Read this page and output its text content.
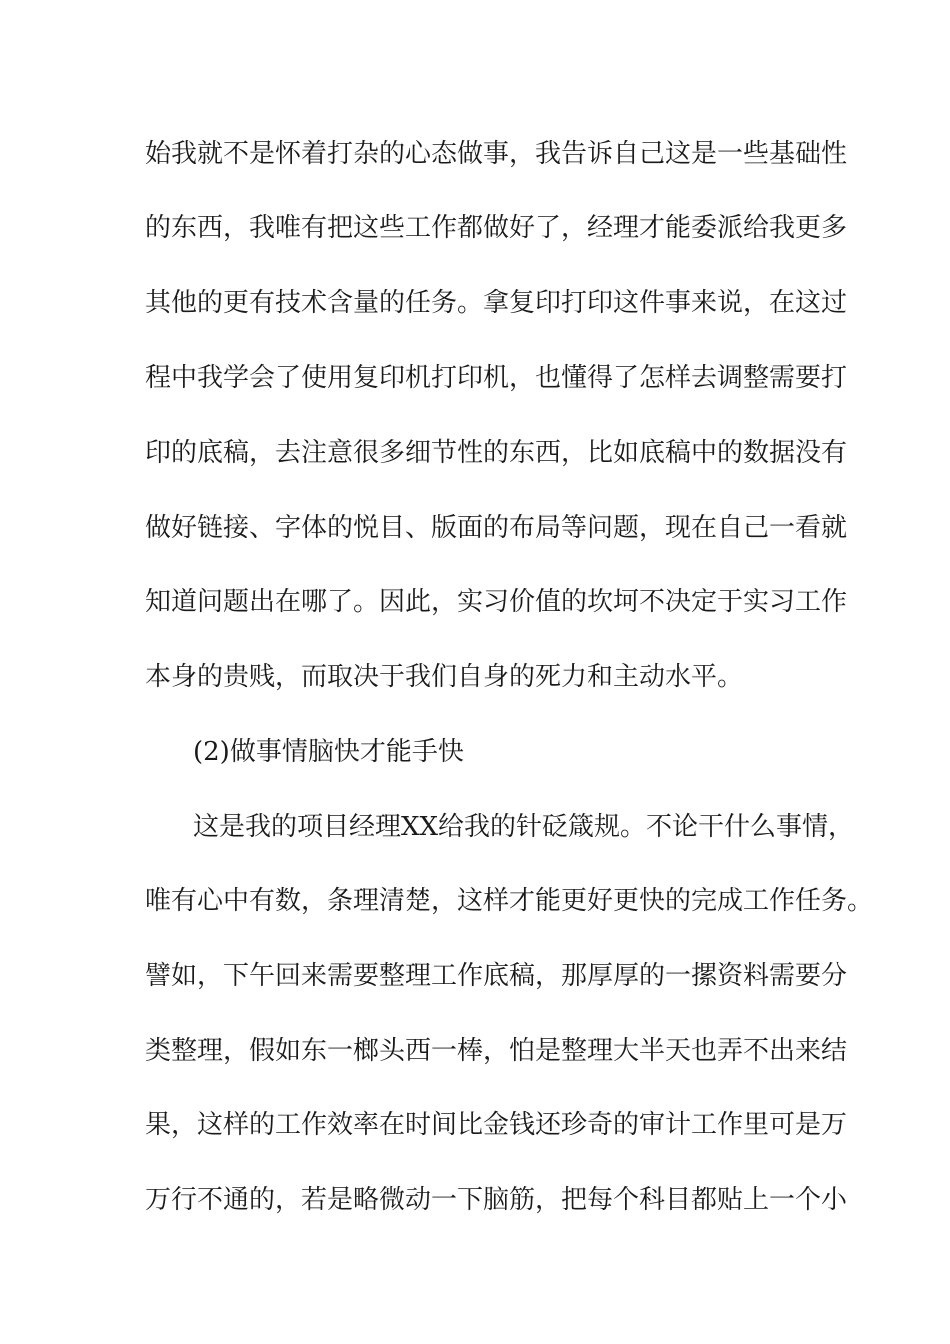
始我就不是怀着打杂的心态做事，我告诉自己这是一些基础性

的东西，我唯有把这些工作都做好了，经理才能委派给我更多

其他的更有技术含量的任务。拿复印打印这件事来说，在这过

程中我学会了使用复印机打印机，也懂得了怎样去调整需要打

印的底稿，去注意很多细节性的东西，比如底稿中的数据没有

做好链接、字体的悦目、版面的布局等问题，现在自己一看就

知道问题出在哪了。因此，实习价值的坎坷不决定于实习工作

本身的贵贱，而取决于我们自身的死力和主动水平。

(2)做事情脑快才能手快

这是我的项目经理XX给我的针砭箴规。不论干什么事情，

唯有心中有数，条理清楚，这样才能更好更快的完成工作任务。

譬如，下午回来需要整理工作底稿，那厚厚的一摞资料需要分

类整理，假如东一榔头西一棒，怕是整理大半天也弄不出来结

果，这样的工作效率在时间比金钱还珍奇的审计工作里可是万

万行不通的，若是略微动一下脑筋，把每个科目都贴上一个小
